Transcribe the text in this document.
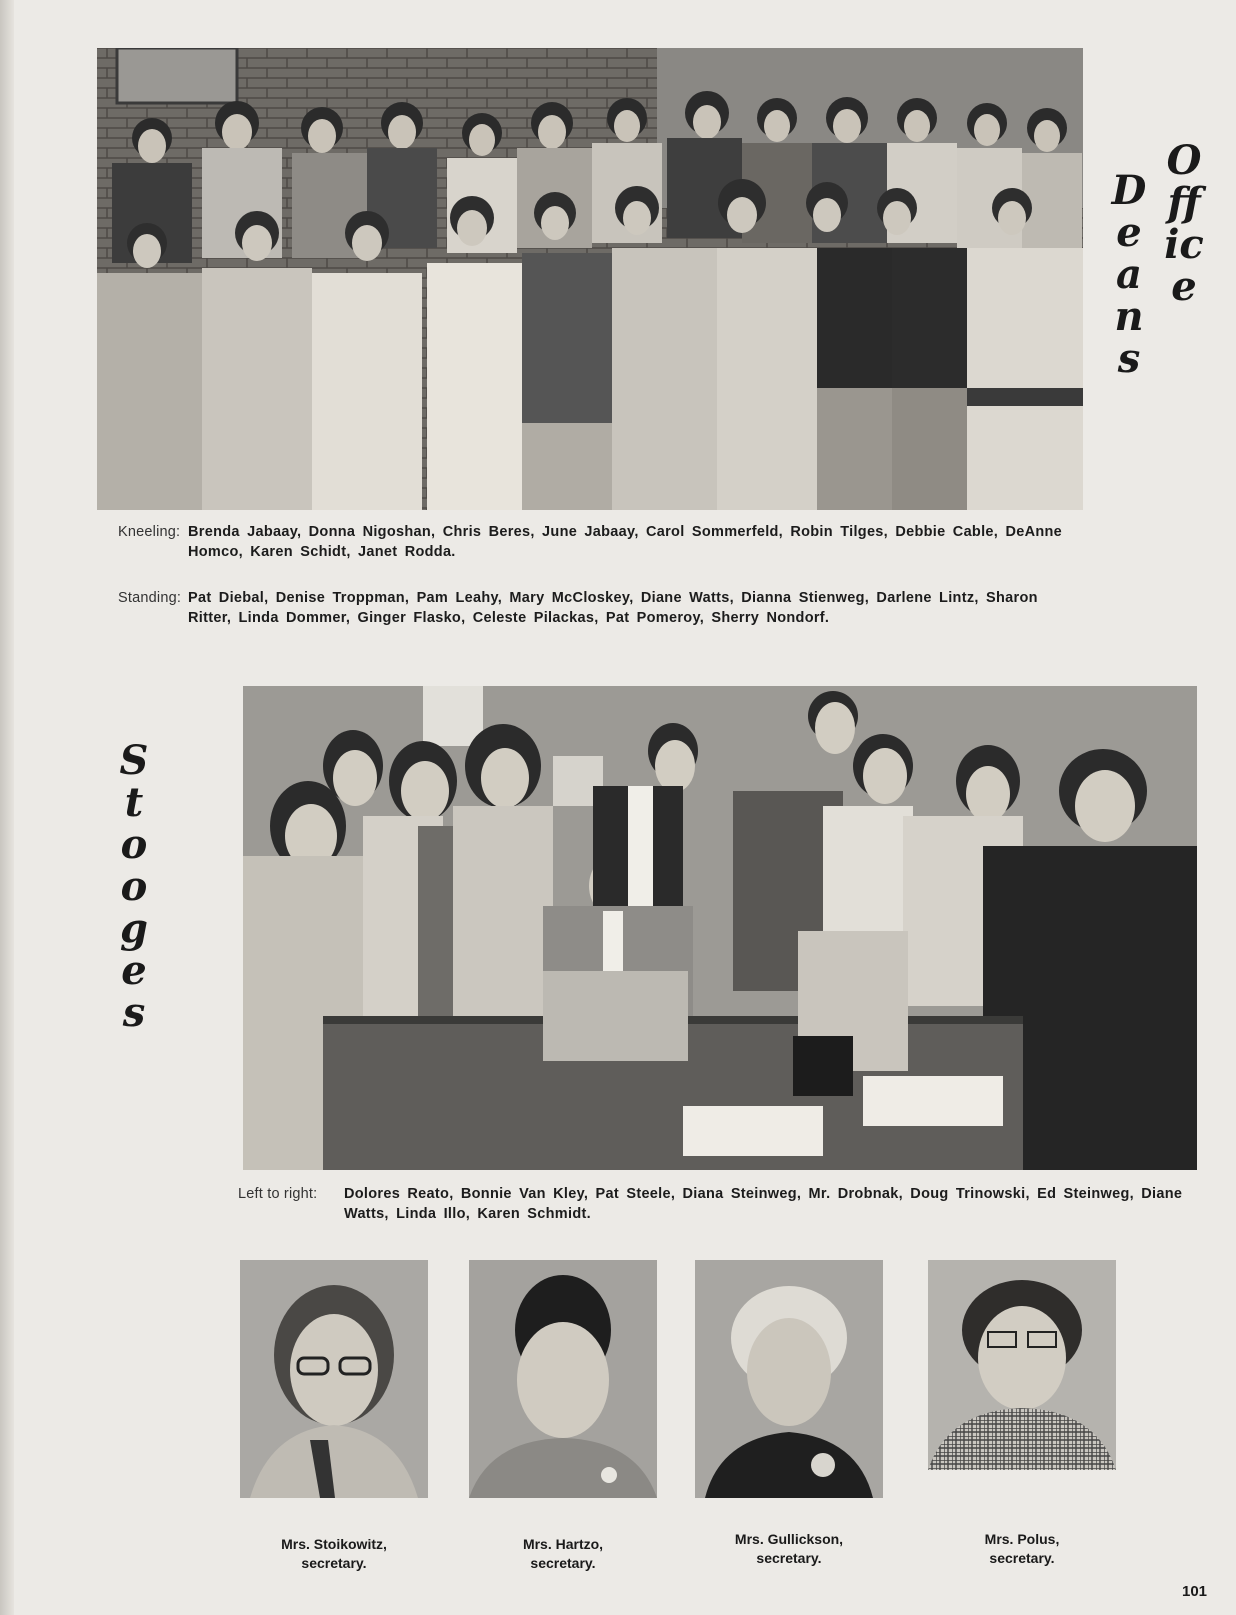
Deans
Office
Kneeling: Brenda Jabaay, Donna Nigoshan, Chris Beres, June Jabaay, Carol Sommerfeld, Robin Tilges, Debbie Cable, DeAnne Homco, Karen Schidt, Janet Rodda.
Standing: Pat Diebal, Denise Troppman, Pam Leahy, Mary McCloskey, Diane Watts, Dianna Stienweg, Darlene Lintz, Sharon Ritter, Linda Dommer, Ginger Flasko, Celeste Pilackas, Pat Pomeroy, Sherry Nondorf.
Stooges
Left to right:	Dolores Reato, Bonnie Van Kley, Pat Steele, Diana Steinweg, Mr. Drobnak, Doug Trinowski, Ed Steinweg, Diane Watts, Linda Illo, Karen Schmidt.
Mrs. Stoikowitz,
secretary.
Mrs. Hartzo,
secretary.
Mrs. Gullickson,
secretary.
Mrs. Polus,
secretary.
101
